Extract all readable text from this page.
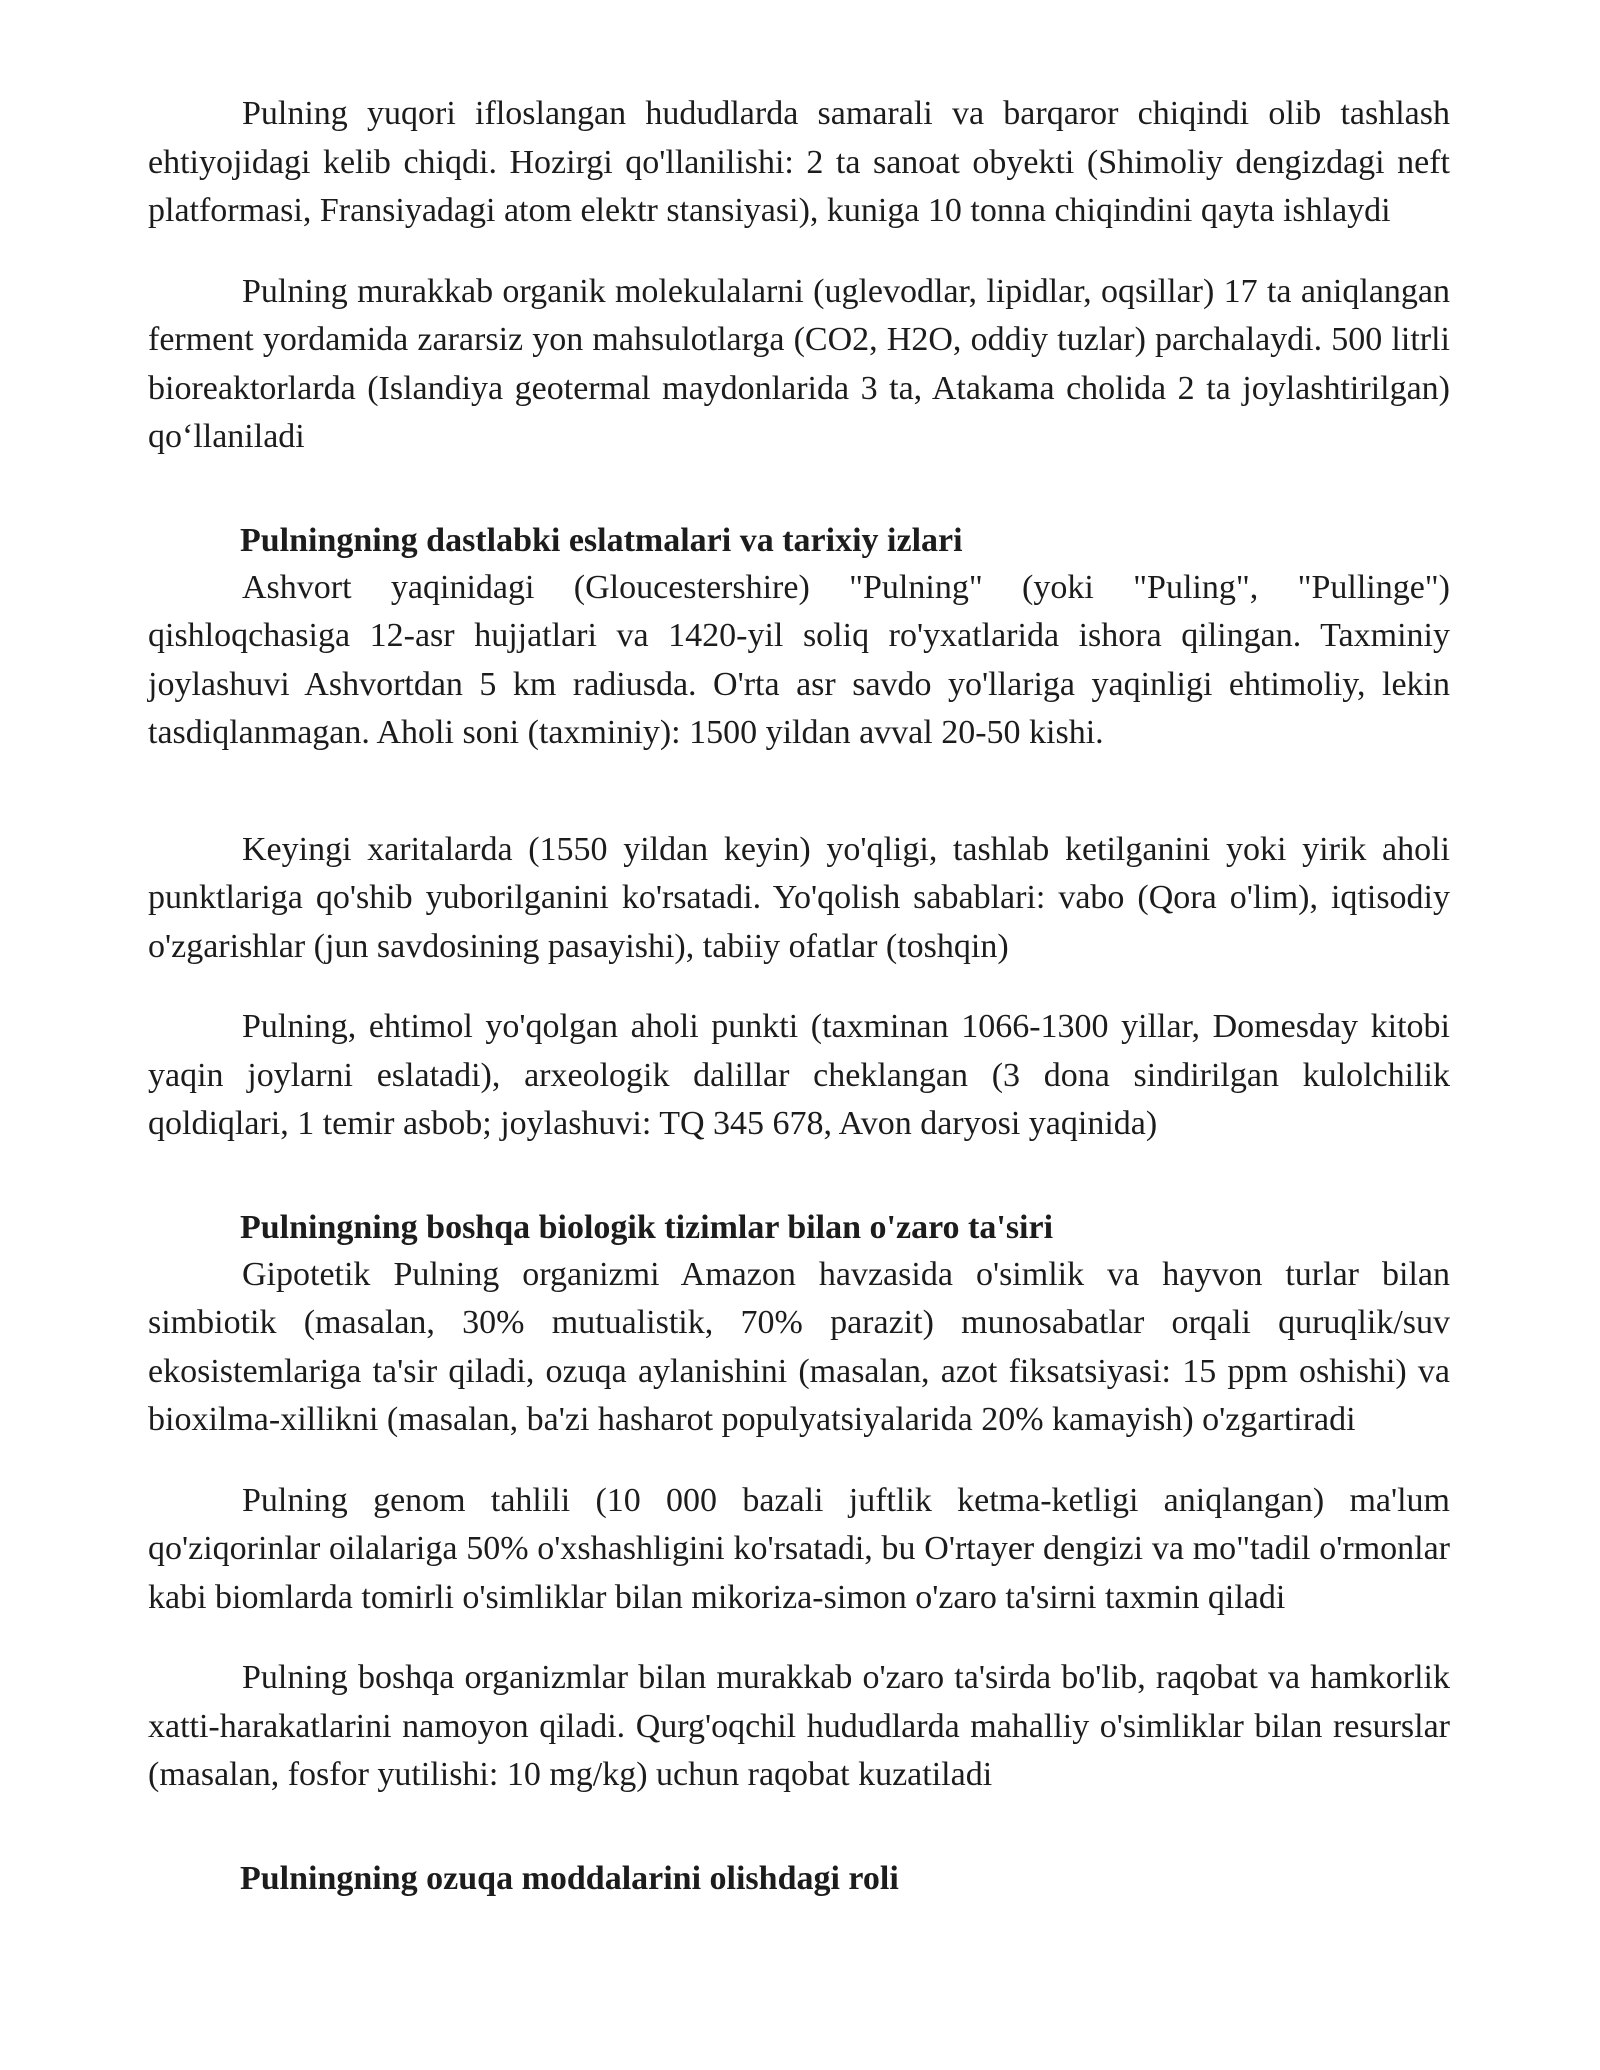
Pulning yuqori ifloslangan hududlarda samarali va barqaror chiqindi olib tashlash ehtiyojidagi kelib chiqdi. Hozirgi qo'llanilishi: 2 ta sanoat obyekti (Shimoliy dengizdagi neft platformasi, Fransiyadagi atom elektr stansiyasi), kuniga 10 tonna chiqindini qayta ishlaydi

Pulning murakkab organik molekulalarni (uglevodlar, lipidlar, oqsillar) 17 ta aniqlangan ferment yordamida zararsiz yon mahsulotlarga (CO2, H2O, oddiy tuzlar) parchalaydi. 500 litrli bioreaktorlarda (Islandiya geotermal maydonlarida 3 ta, Atakama cholida 2 ta joylashtirilgan) qo‘llaniladi

Pulningning dastlabki eslatmalari va tarixiy izlari

Ashvort yaqinidagi (Gloucestershire) "Pulning" (yoki "Puling", "Pullinge") qishloqchasiga 12-asr hujjatlari va 1420-yil soliq ro'yxatlarida ishora qilingan. Taxminiy joylashuvi Ashvortdan 5 km radiusda. O'rta asr savdo yo'llariga yaqinligi ehtimoliy, lekin tasdiqlanmagan. Aholi soni (taxminiy): 1500 yildan avval 20-50 kishi.

Keyingi xaritalarda (1550 yildan keyin) yo'qligi, tashlab ketilganini yoki yirik aholi punktlariga qo'shib yuborilganini ko'rsatadi. Yo'qolish sabablari: vabo (Qora o'lim), iqtisodiy o'zgarishlar (jun savdosining pasayishi), tabiiy ofatlar (toshqin)

Pulning, ehtimol yo'qolgan aholi punkti (taxminan 1066-1300 yillar, Domesday kitobi yaqin joylarni eslatadi), arxeologik dalillar cheklangan (3 dona sindirilgan kulolchilik qoldiqlari, 1 temir asbob; joylashuvi: TQ 345 678, Avon daryosi yaqinida)

Pulningning boshqa biologik tizimlar bilan o'zaro ta'siri

Gipotetik Pulning organizmi Amazon havzasida o'simlik va hayvon turlar bilan simbiotik (masalan, 30% mutualistik, 70% parazit) munosabatlar orqali quruqlik/suv ekosistemlariga ta'sir qiladi, ozuqa aylanishini (masalan, azot fiksatsiyasi: 15 ppm oshishi) va bioxilma-xillikni (masalan, ba'zi hasharot populyatsiyalarida 20% kamayish) o'zgartiradi

Pulning genom tahlili (10 000 bazali juftlik ketma-ketligi aniqlangan) ma'lum qo'ziqorinlar oilalariga 50% o'xshashligini ko'rsatadi, bu O'rtayer dengizi va mo"tadil o'rmonlar kabi biomlarda tomirli o'simliklar bilan mikoriza-simon o'zaro ta'sirni taxmin qiladi

Pulning boshqa organizmlar bilan murakkab o'zaro ta'sirda bo'lib, raqobat va hamkorlik xatti-harakatlarini namoyon qiladi. Qurg'oqchil hududlarda mahalliy o'simliklar bilan resurslar (masalan, fosfor yutilishi: 10 mg/kg) uchun raqobat kuzatiladi

Pulningning ozuqa moddalarini olishdagi roli
